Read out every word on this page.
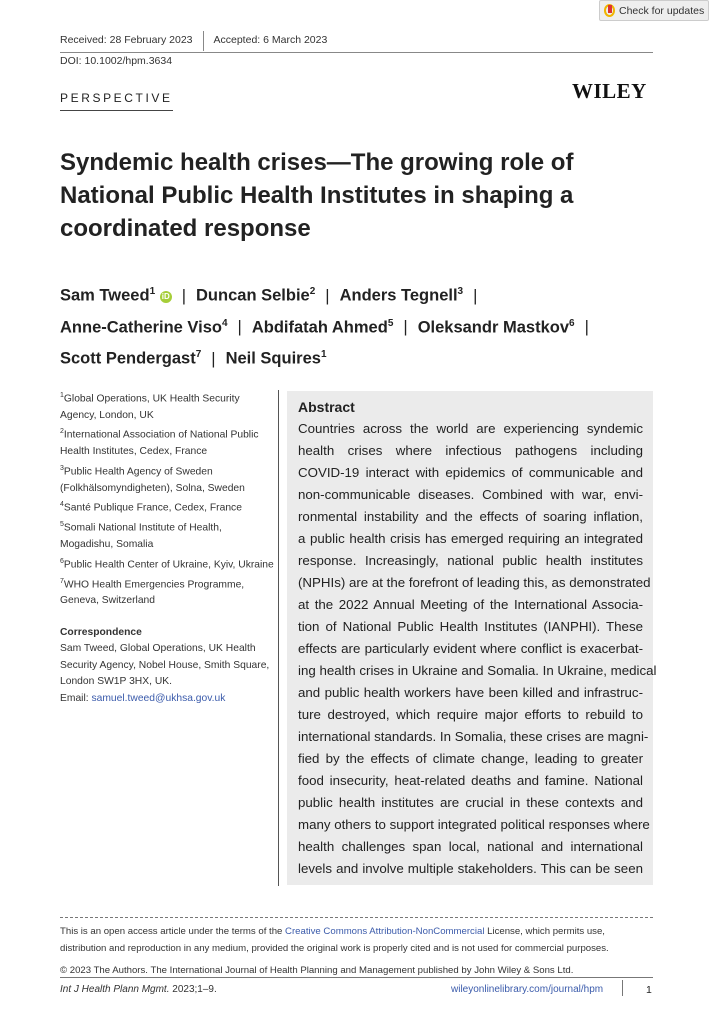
Check for updates
Received: 28 February 2023 Accepted: 6 March 2023
DOI: 10.1002/hpm.3634
PERSPECTIVE	WILEY
Syndemic health crises—The growing role of
National Public Health Institutes in shaping a
coordinated response
Sam Tweed$^1$ iD | Duncan Selbie$^2$ | Anders Tegnell$^3$ |
Anne-Catherine Viso$^4$ | Abdifatah Ahmed$^5$ | Oleksandr Mastkov$^6$ |
Scott Pendergast$^7$ | Neil Squires$^1$

$^1$Global Operations, UK Health Security Agency, London, UK

$^2$International Association of National Public Health Institutes, Cedex, France

$^3$Public Health Agency of Sweden (Folkhälsomyndigheten), Solna, Sweden

$^4$Santé Publique France, Cedex, France

$^5$Somali National Institute of Health, Mogadishu, Somalia

$^6$Public Health Center of Ukraine, Kyiv, Ukraine

$^7$WHO Health Emergencies Programme, Geneva, Switzerland

Correspondence
Sam Tweed, Global Operations, UK Health Security Agency, Nobel House, Smith Square, London SW1P 3HX, UK.
Email: samuel.tweed@ukhsa.gov.uk

Abstract
Countries across the world are experiencing syndemic
health crises where infectious pathogens including
COVID-19 interact with epidemics of communicable and
non-communicable diseases. Combined with war, envi-
ronmental instability and the effects of soaring inflation,
a public health crisis has emerged requiring an integrated
response. Increasingly, national public health institutes
(NPHIs) are at the forefront of leading this, as demonstrated
at the 2022 Annual Meeting of the International Associa-
tion of National Public Health Institutes (IANPHI). These
effects are particularly evident where conflict is exacerbat-
ing health crises in Ukraine and Somalia. In Ukraine, medical
and public health workers have been killed and infrastruc-
ture destroyed, which require major efforts to rebuild to
international standards. In Somalia, these crises are magni-
fied by the effects of climate change, leading to greater
food insecurity, heat-related deaths and famine. National
public health institutes are crucial in these contexts and
many others to support integrated political responses where
health challenges span local, national and international
levels and involve multiple stakeholders. This can be seen

This is an open access article under the terms of the Creative Commons Attribution-NonCommercial License, which permits use, distribution and reproduction in any medium, provided the original work is properly cited and is not used for commercial purposes.

© 2023 The Authors. The International Journal of Health Planning and Management published by John Wiley & Sons Ltd.

Int J Health Plann Mgmt. 2023;1–9.	wileyonlinelibrary.com/journal/hpm	1
